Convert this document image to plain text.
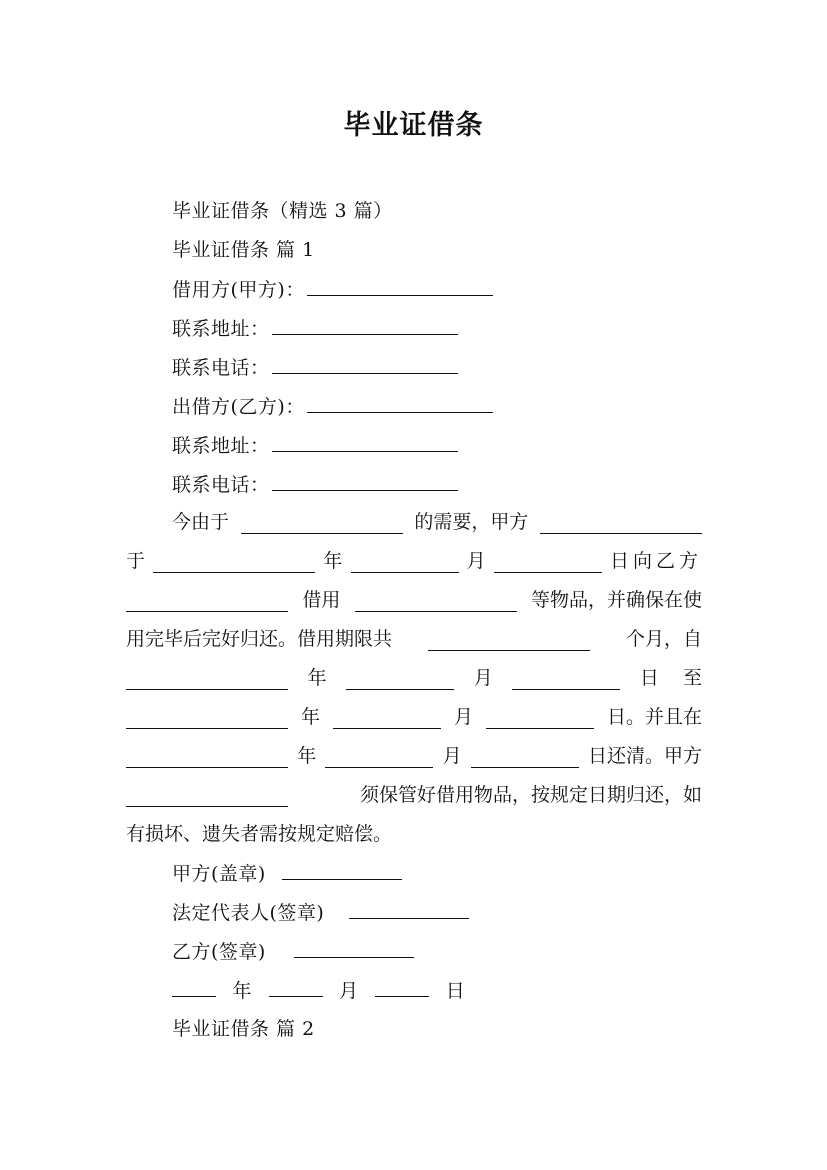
毕业证借条
毕业证借条（精选 3 篇）
毕业证借条 篇 1
借用方(甲方)：
联系地址：
联系电话：
出借方(乙方)：
联系地址：
联系电话：
今由于	的需要，甲方
于	年	月	日向乙方
借用	等物品，并确保在使
用完毕后完好归还。借用期限共	个月，自
年	月	日 至
年	月	日。并且在
年	月	日还清。甲方
须保管好借用物品，按规定日期归还，如
有损坏、遗失者需按规定赔偿。
甲方(盖章)
法定代表人(签章)
乙方(签章)
年	月	日
毕业证借条 篇 2
